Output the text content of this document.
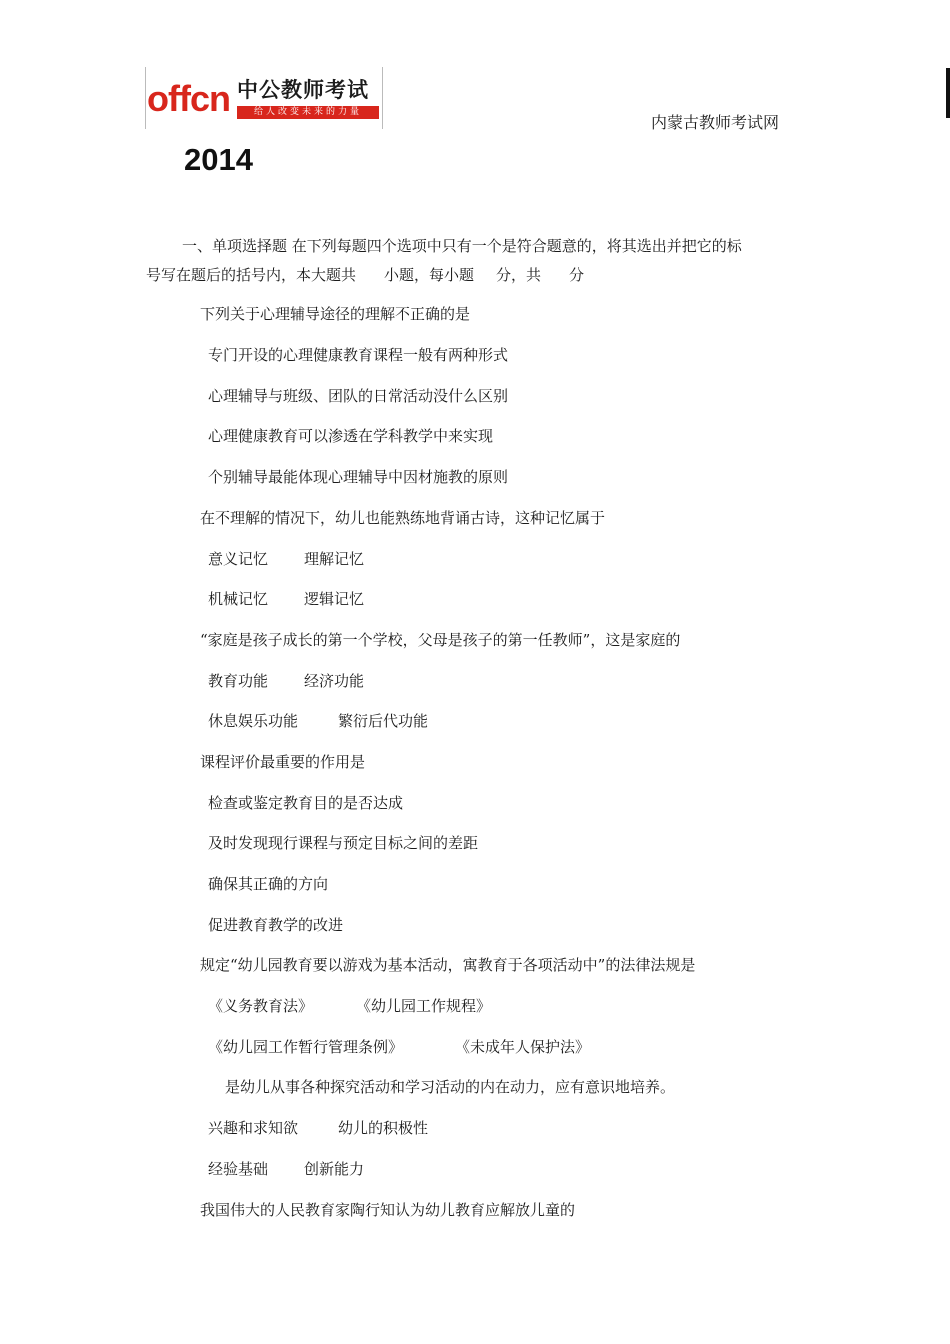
offcn 中公教师考试
给人改变未来的力量
内蒙古教师考试网
2014
一、单项选择题 在下列每题四个选项中只有一个是符合题意的，将其选出并把它的标
号写在题后的括号内，本大题共 小题，每小题 分，共 分
下列关于心理辅导途径的理解不正确的是
专门开设的心理健康教育课程一般有两种形式
心理辅导与班级、团队的日常活动没什么区别
心理健康教育可以渗透在学科教学中来实现
个别辅导最能体现心理辅导中因材施教的原则
在不理解的情况下，幼儿也能熟练地背诵古诗，这种记忆属于
意义记忆 理解记忆
机械记忆 逻辑记忆
“家庭是孩子成长的第一个学校，父母是孩子的第一任教师”，这是家庭的
教育功能 经济功能
休息娱乐功能	繁衍后代功能
课程评价最重要的作用是
检查或鉴定教育目的是否达成
及时发现现行课程与预定目标之间的差距
确保其正确的方向
促进教育教学的改进
规定“幼儿园教育要以游戏为基本活动，寓教育于各项活动中”的法律法规是
《义务教育法》	《幼儿园工作规程》
《幼儿园工作暂行管理条例》	《未成年人保护法》
是幼儿从事各种探究活动和学习活动的内在动力，应有意识地培养。
兴趣和求知欲	幼儿的积极性
经验基础 创新能力
我国伟大的人民教育家陶行知认为幼儿教育应解放儿童的
